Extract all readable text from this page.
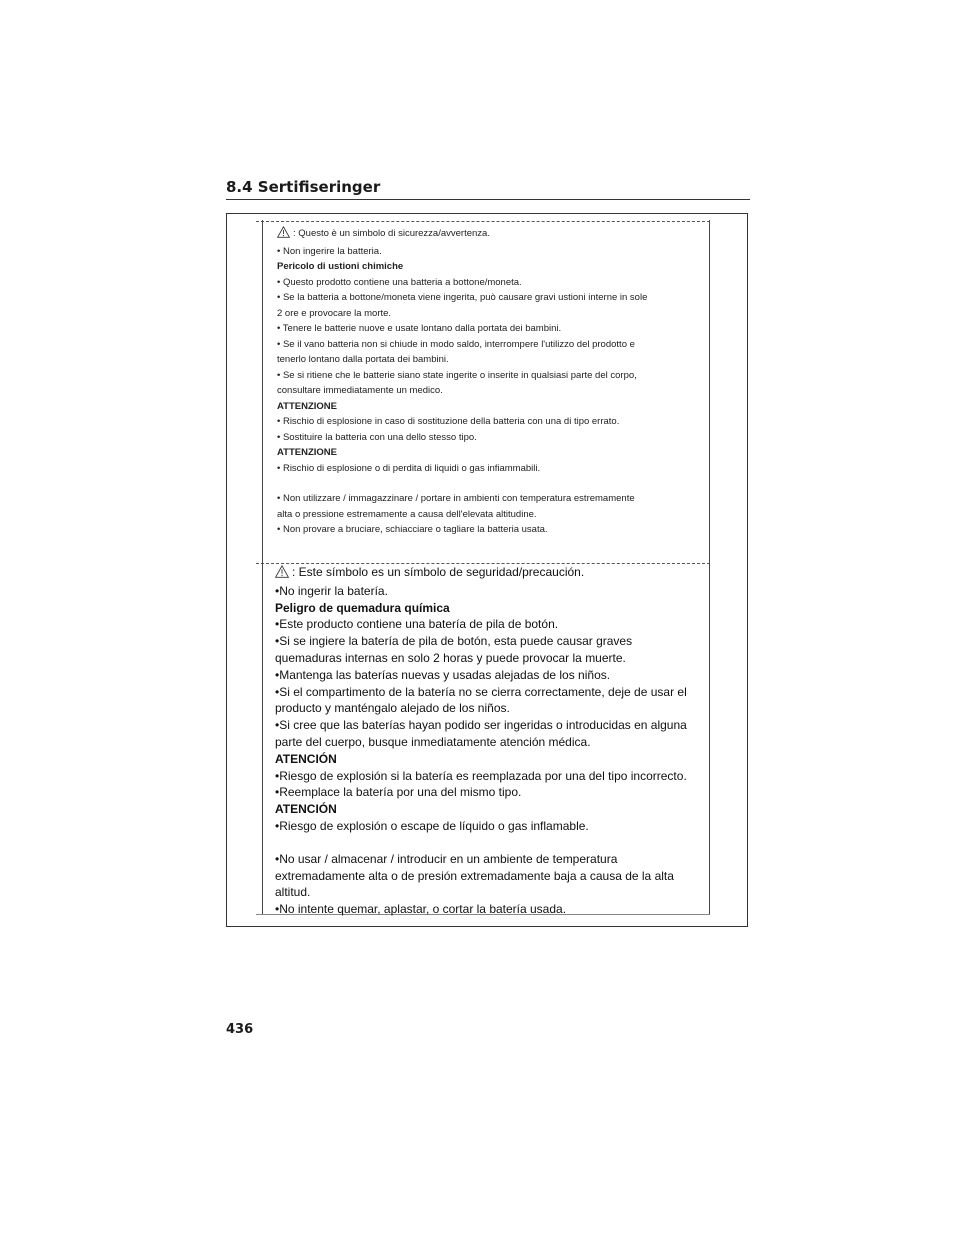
8.4 Sertifiseringer
: Questo è un simbolo di sicurezza/avvertenza.
• Non ingerire la batteria.
Pericolo di ustioni chimiche
• Questo prodotto contiene una batteria a bottone/moneta.
• Se la batteria a bottone/moneta viene ingerita, può causare gravi ustioni interne in sole
2 ore e provocare la morte.
• Tenere le batterie nuove e usate lontano dalla portata dei bambini.
• Se il vano batteria non si chiude in modo saldo, interrompere l'utilizzo del prodotto e
tenerlo lontano dalla portata dei bambini.
• Se si ritiene che le batterie siano state ingerite o inserite in qualsiasi parte del corpo,
consultare immediatamente un medico.
ATTENZIONE
• Rischio di esplosione in caso di sostituzione della batteria con una di tipo errato.
• Sostituire la batteria con una dello stesso tipo.
ATTENZIONE
• Rischio di esplosione o di perdita di liquidi o gas infiammabili.
• Non utilizzare / immagazzinare / portare in ambienti con temperatura estremamente
alta o pressione estremamente a causa dell'elevata altitudine.
• Non provare a bruciare, schiacciare o tagliare la batteria usata.
: Este símbolo es un símbolo de seguridad/precaución.
•No ingerir la batería.
Peligro de quemadura química
•Este producto contiene una batería de pila de botón.
•Si se ingiere la batería de pila de botón, esta puede causar graves
quemaduras internas en solo 2 horas y puede provocar la muerte.
•Mantenga las baterías nuevas y usadas alejadas de los niños.
•Si el compartimento de la batería no se cierra correctamente, deje de usar el
producto y manténgalo alejado de los niños.
•Si cree que las baterías hayan podido ser ingeridas o introducidas en alguna
parte del cuerpo, busque inmediatamente atención médica.
ATENCIÓN
•Riesgo de explosión si la batería es reemplazada por una del tipo incorrecto.
•Reemplace la batería por una del mismo tipo.
ATENCIÓN
•Riesgo de explosión o escape de líquido o gas inflamable.
•No usar / almacenar / introducir en un ambiente de temperatura
extremadamente alta o de presión extremadamente baja a causa de la alta
altitud.
•No intente quemar, aplastar, o cortar la batería usada.
436
